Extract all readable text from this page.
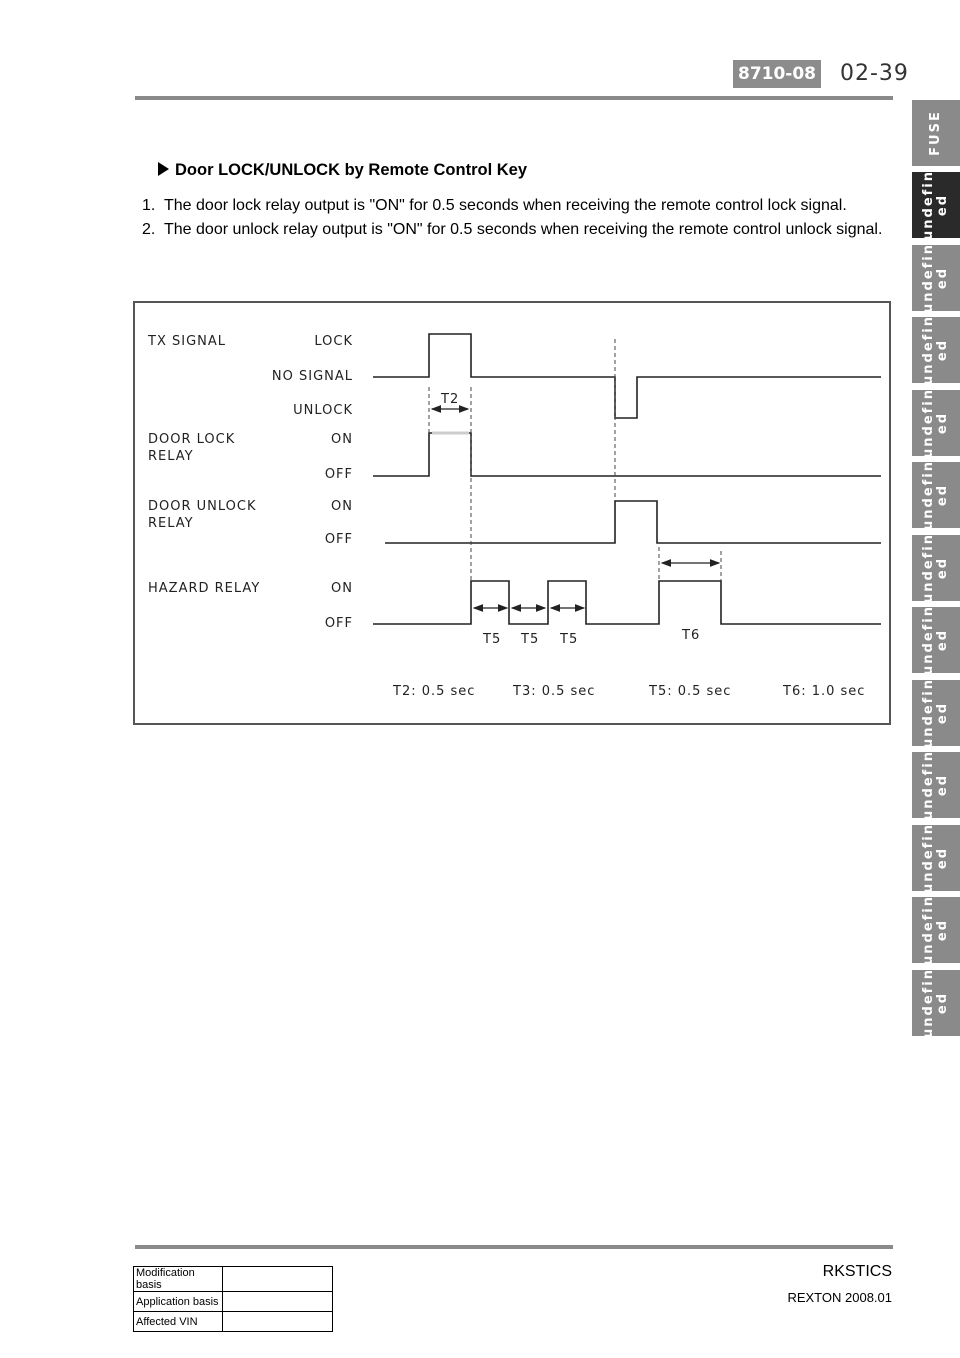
8710-08 02-39
FUSE
undefin
ed
undefin
ed
undefin
ed
undefin
ed
undefin
ed
undefin
ed
undefin
ed
undefin
ed
undefin
ed
undefin
ed
undefin
ed
undefin
ed
Door LOCK/UNLOCK by Remote Control Key
1. The door lock relay output is "ON" for 0.5 seconds when receiving the remote control lock signal.
2. The door unlock relay output is "ON" for 0.5 seconds when receiving the remote control unlock signal.
TX SIGNAL	LOCK
NO SIGNAL
UNLOCK
DOOR LOCK
RELAY
ON
OFF
DOOR UNLOCK
RELAY
ON
OFF
HAZARD RELAY	ON
OFF
T2
T5 T5 T5	T6
T2: 0.5 sec	T3: 0.5 sec	T5: 0.5 sec	T6: 1.0 sec
RKSTICS
REXTON 2008.01
Modification basis	
Application basis	
Affected VIN	
